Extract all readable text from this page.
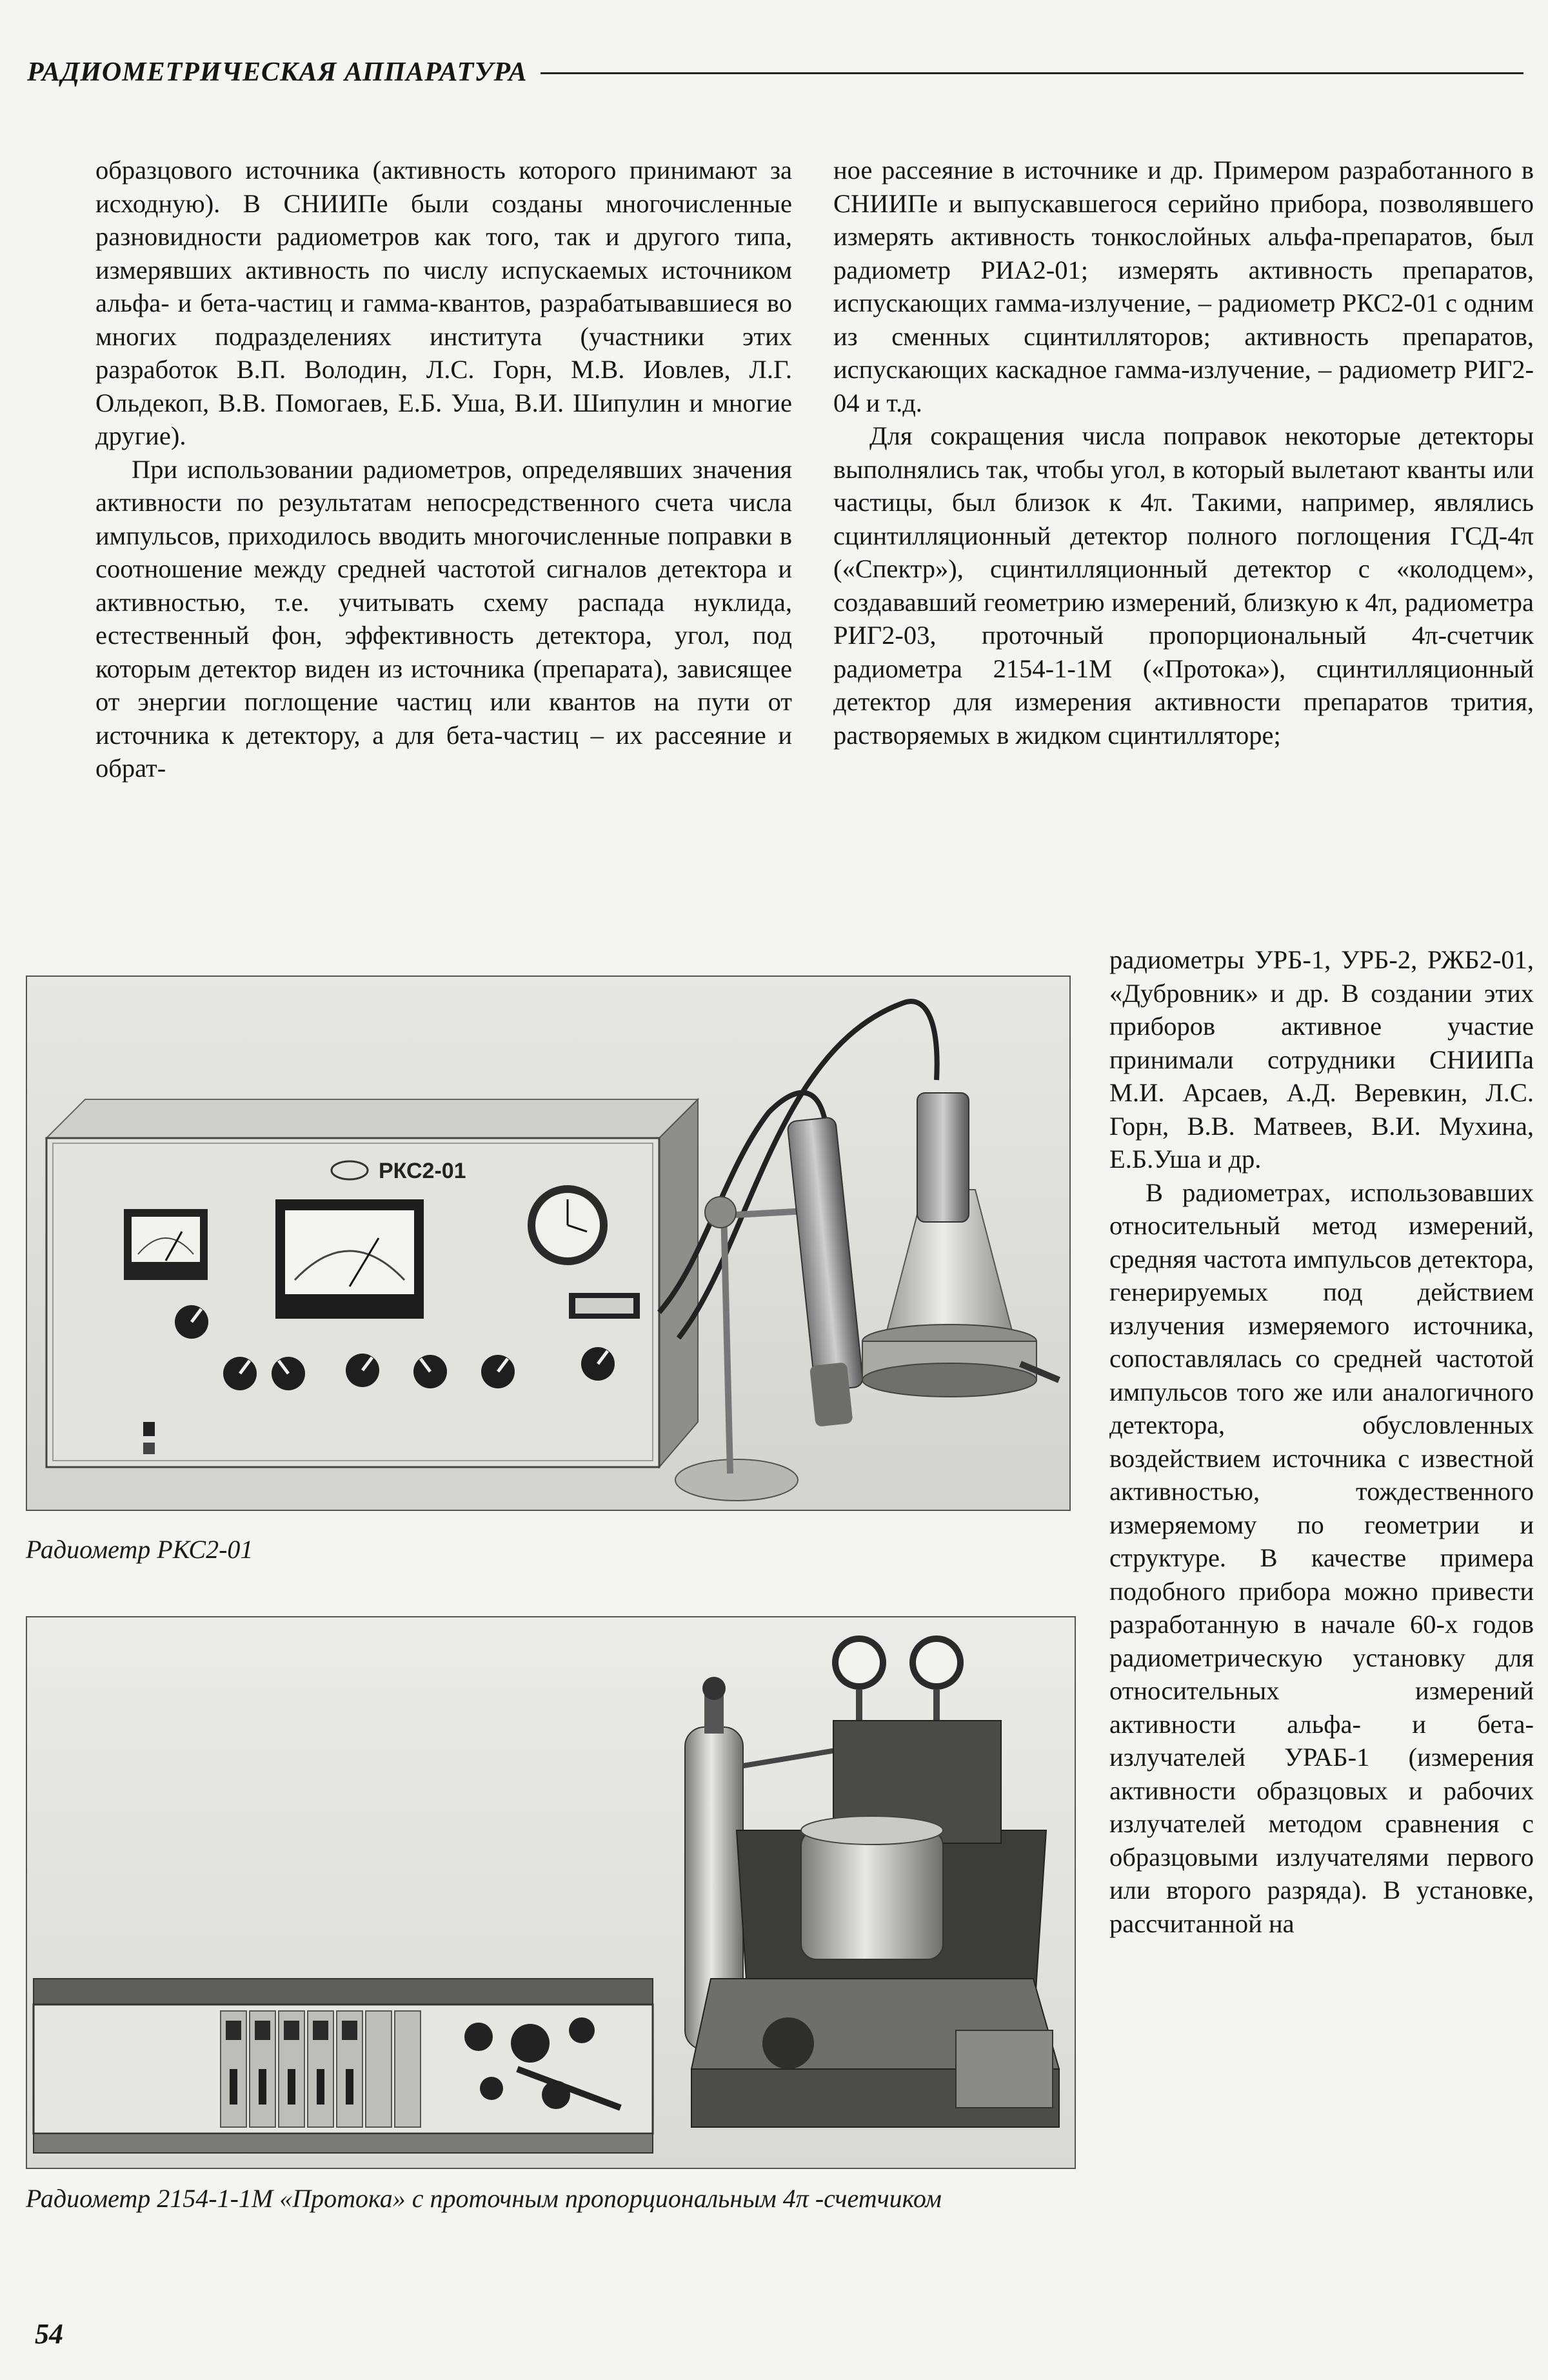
РАДИОМЕТРИЧЕСКАЯ АППАРАТУРА

образцового источника (активность которого принимают за исходную). В СНИИПе были созданы многочисленные разновидности радиометров как того, так и другого типа, измерявших активность по числу испускаемых источником альфа- и бета-частиц и гамма-квантов, разрабатывавшиеся во многих подразделениях института (участники этих разработок В.П. Володин, Л.С. Горн, М.В. Иовлев, Л.Г. Ольдекоп, В.В. Помогаев, Е.Б. Уша, В.И. Шипулин и многие другие).

При использовании радиометров, определявших значения активности по результатам непосредственного счета числа импульсов, приходилось вводить многочисленные поправки в соотношение между средней частотой сигналов детектора и активностью, т.е. учитывать схему распада нуклида, естественный фон, эффективность детектора, угол, под которым детектор виден из источника (препарата), зависящее от энергии поглощение частиц или квантов на пути от источника к детектору, а для бета-частиц – их рассеяние и обрат-

ное рассеяние в источнике и др. Примером разработанного в СНИИПе и выпускавшегося серийно прибора, позволявшего измерять активность тонкослойных альфа-препаратов, был радиометр РИА2-01; измерять активность препаратов, испускающих гамма-излучение, – радиометр РКС2-01 с одним из сменных сцинтилляторов; активность препаратов, испускающих каскадное гамма-излучение, – радиометр РИГ2-04 и т.д.

Для сокращения числа поправок некоторые детекторы выполнялись так, чтобы угол, в который вылетают кванты или частицы, был близок к 4π. Такими, например, являлись сцинтилляционный детектор полного поглощения ГСД-4π («Спектр»), сцинтилляционный детектор с «колодцем», создававший геометрию измерений, близкую к 4π, радиометра РИГ2-03, проточный пропорциональный 4π-счетчик радиометра 2154-1-1М («Протока»), сцинтилляционный детектор для измерения активности препаратов трития, растворяемых в жидком сцинтилляторе;

радиометры УРБ-1, УРБ-2, РЖБ2-01, «Дубровник» и др. В создании этих приборов активное участие принимали сотрудники СНИИПа М.И. Арсаев, А.Д. Веревкин, Л.С. Горн, В.В. Матвеев, В.И. Мухина, Е.Б.Уша и др.

В радиометрах, использовавших относительный метод измерений, средняя частота импульсов детектора, генерируемых под действием излучения измеряемого источника, сопоставлялась со средней частотой импульсов того же или аналогичного детектора, обусловленных воздействием источника с известной активностью, тождественного измеряемому по геометрии и структуре. В качестве примера подобного прибора можно привести разработанную в начале 60-х годов радиометрическую установку для относительных измерений активности альфа- и бета-излучателей УРАБ-1 (измерения активности образцовых и рабочих излучателей методом сравнения с образцовыми излучателями первого или второго разряда). В установке, рассчитанной на

РКС2-01
Радиометр РКС2-01
Радиометр 2154-1-1М «Протока» с проточным пропорциональным 4π -счетчиком
54
